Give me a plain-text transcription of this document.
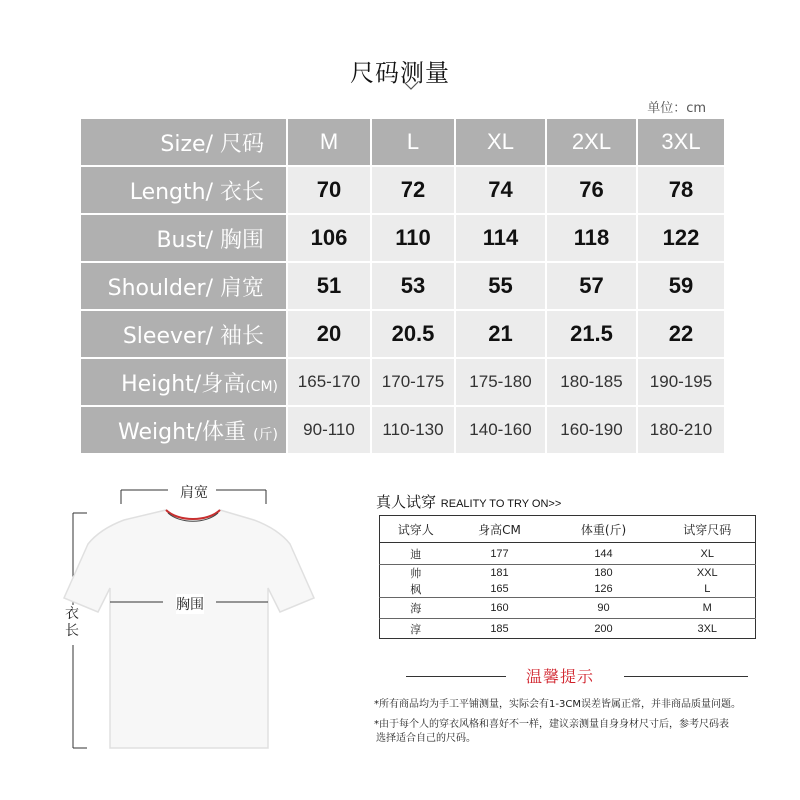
尺码测量
单位：cm
Size/ 尺码	M	L	XL	2XL	3XL
Length/ 衣长	70	72	74	76	78
Bust/ 胸围	106	110	114	118	122
Shoulder/ 肩宽	51	53	55	57	59
Sleever/ 袖长	20	20.5	21	21.5	22
Height/身高(CM)	165-170	170-175	175-180	180-185	190-195
Weight/体重 (斤)	90-110	110-130	140-160	160-190	180-210
肩宽
胸围
衣长
真人试穿 REALITY TO TRY ON>>
试穿人	身高CM	体重(斤)	试穿尺码
迪	177	144	XL
帅	181	180	XXL
枫	165	126	L
海	160	90	M
淳	185	200	3XL
温馨提示
*所有商品均为手工平铺测量，实际会有1-3CM误差皆属正常，并非商品质量问题。
*由于每个人的穿衣风格和喜好不一样，建议亲测量自身身材尺寸后，参考尺码表
选择适合自己的尺码。
